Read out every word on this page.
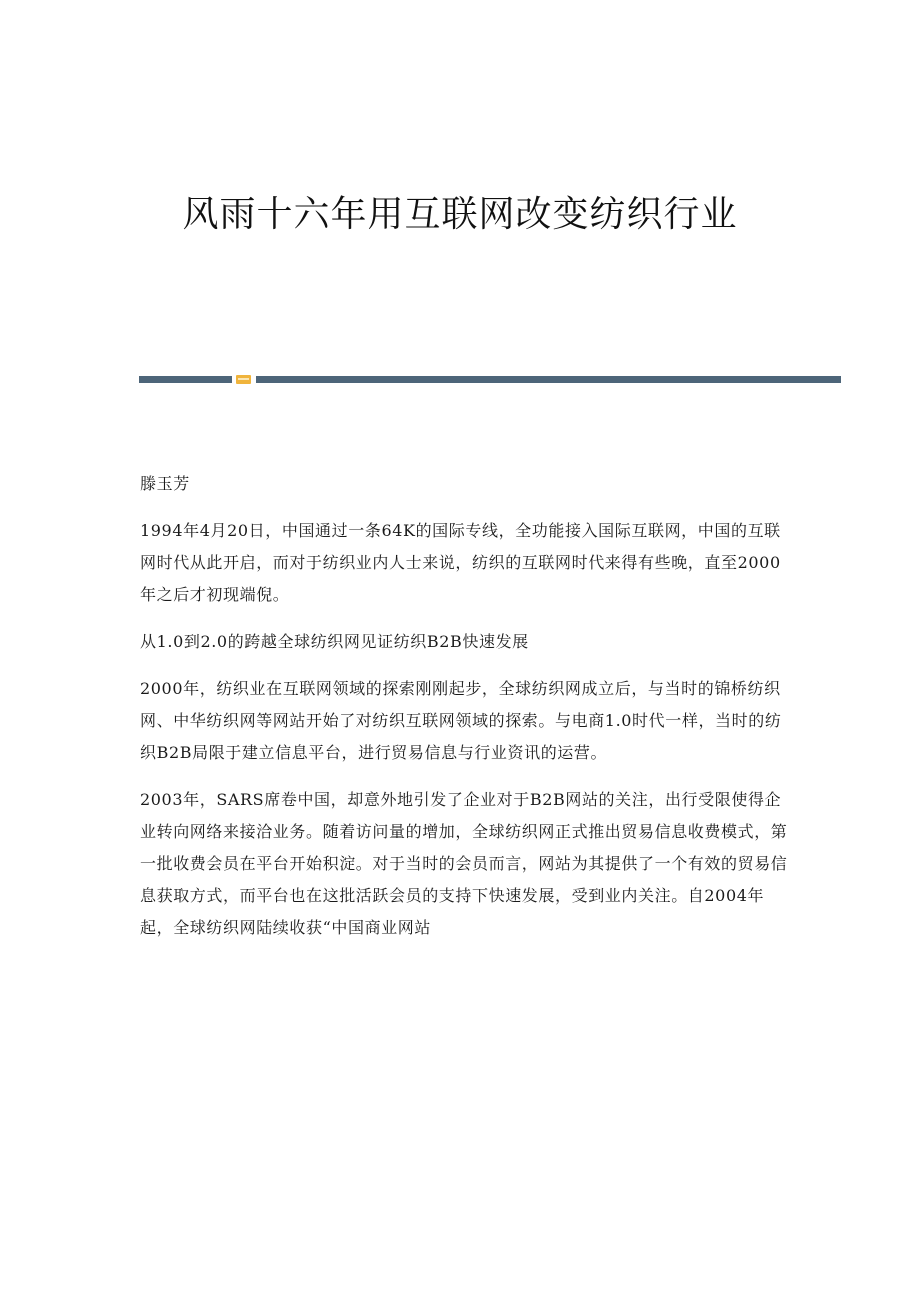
风雨十六年用互联网改变纺织行业

滕玉芳

1994年4月20日，中国通过一条64K的国际专线，全功能接入国际互联网，中国的互联网时代从此开启，而对于纺织业内人士来说，纺织的互联网时代来得有些晚，直至2000年之后才初现端倪。

从1.0到2.0的跨越全球纺织网见证纺织B2B快速发展

2000年，纺织业在互联网领域的探索刚刚起步，全球纺织网成立后，与当时的锦桥纺织网、中华纺织网等网站开始了对纺织互联网领域的探索。与电商1.0时代一样，当时的纺织B2B局限于建立信息平台，进行贸易信息与行业资讯的运营。

2003年，SARS席卷中国，却意外地引发了企业对于B2B网站的关注，出行受限使得企业转向网络来接洽业务。随着访问量的增加，全球纺织网正式推出贸易信息收费模式，第一批收费会员在平台开始积淀。对于当时的会员而言，网站为其提供了一个有效的贸易信息获取方式，而平台也在这批活跃会员的支持下快速发展，受到业内关注。自2004年起，全球纺织网陆续收获“中国商业网站
